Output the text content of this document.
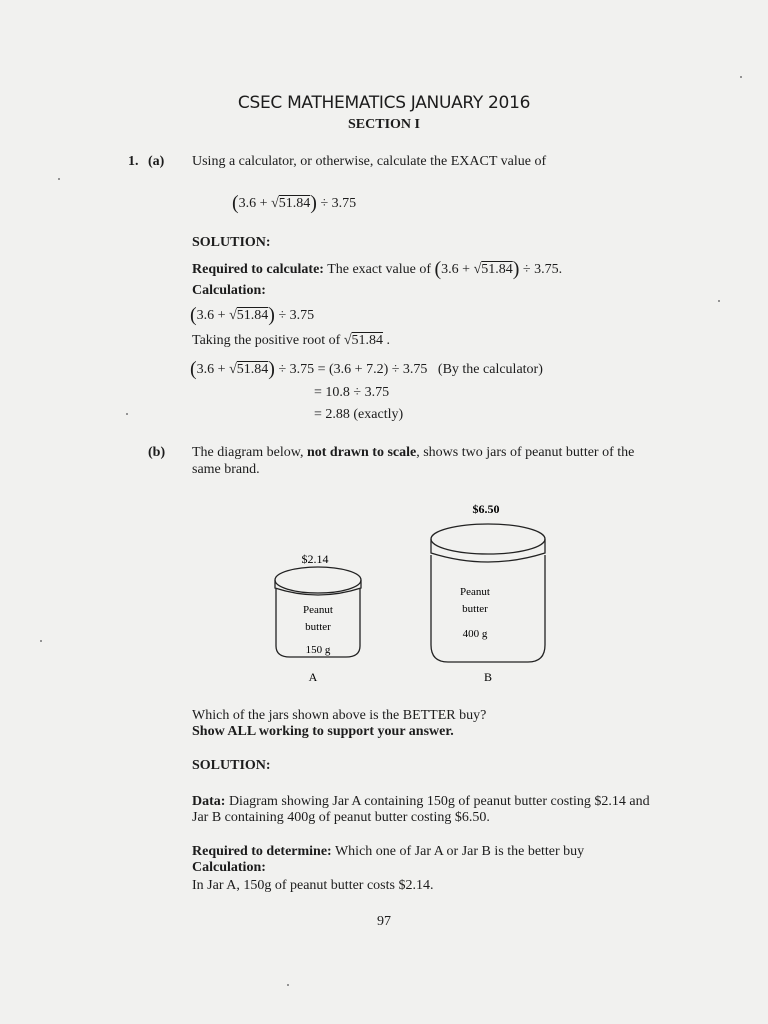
CSEC MATHEMATICS JANUARY 2016
SECTION I
1. (a) Using a calculator, or otherwise, calculate the EXACT value of
(3.6 + √51.84) ÷ 3.75
SOLUTION:
Required to calculate: The exact value of (3.6 + √51.84) ÷ 3.75.
Calculation:
(3.6 + √51.84) ÷ 3.75
Taking the positive root of √51.84 .
(3.6 + √51.84) ÷ 3.75 = (3.6 + 7.2) ÷ 3.75 (By the calculator)
= 10.8 ÷ 3.75
= 2.88 (exactly)
(b) The diagram below, not drawn to scale, shows two jars of peanut butter of the
same brand.
$2.14
Peanut
butter
150 g
A
$6.50
Peanut
butter
400 g
B
Which of the jars shown above is the BETTER buy?
Show ALL working to support your answer.
SOLUTION:
Data: Diagram showing Jar A containing 150g of peanut butter costing $2.14 and
Jar B containing 400g of peanut butter costing $6.50.
Required to determine: Which one of Jar A or Jar B is the better buy
Calculation:
In Jar A, 150g of peanut butter costs $2.14.
97
